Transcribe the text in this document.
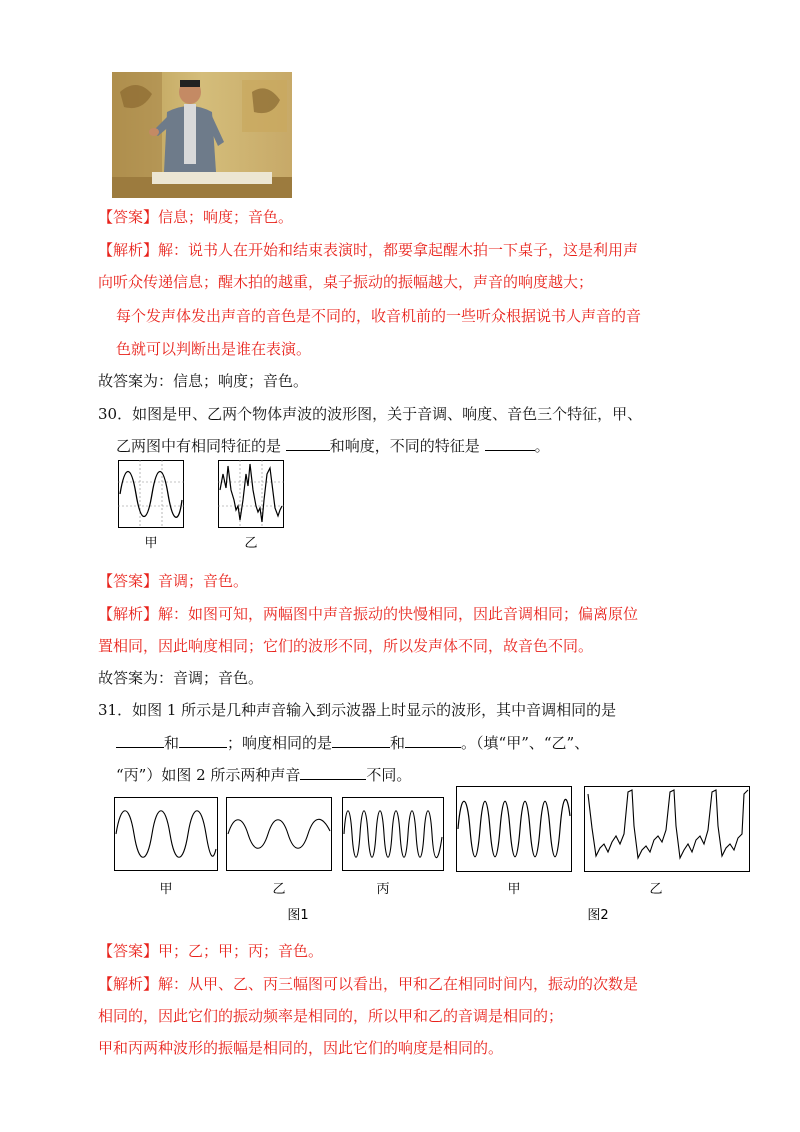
【答案】信息；响度；音色。
【解析】解：说书人在开始和结束表演时，都要拿起醒木拍一下桌子，这是利用声
向听众传递信息；醒木拍的越重，桌子振动的振幅越大，声音的响度越大；
每个发声体发出声音的音色是不同的，收音机前的一些听众根据说书人声音的音
色就可以判断出是谁在表演。
故答案为：信息；响度；音色。
30．如图是甲、乙两个物体声波的波形图，关于音调、响度、音色三个特征，甲、
乙两图中有相同特征的是	和响度，不同的特征是	。
甲	乙
【答案】音调；音色。
【解析】解：如图可知，两幅图中声音振动的快慢相同，因此音调相同；偏离原位
置相同，因此响度相同；它们的波形不同，所以发声体不同，故音色不同。
故答案为：音调；音色。
31．如图 1 所示是几种声音输入到示波器上时显示的波形，其中音调相同的是
和	；响度相同的是	和	。（填“甲”、“乙”、
“丙”）如图 2 所示两种声音	不同。
甲	乙	丙	甲	乙
图1	图2
【答案】甲；乙；甲；丙；音色。
【解析】解：从甲、乙、丙三幅图可以看出，甲和乙在相同时间内，振动的次数是
相同的，因此它们的振动频率是相同的，所以甲和乙的音调是相同的；
甲和丙两种波形的振幅是相同的，因此它们的响度是相同的。
